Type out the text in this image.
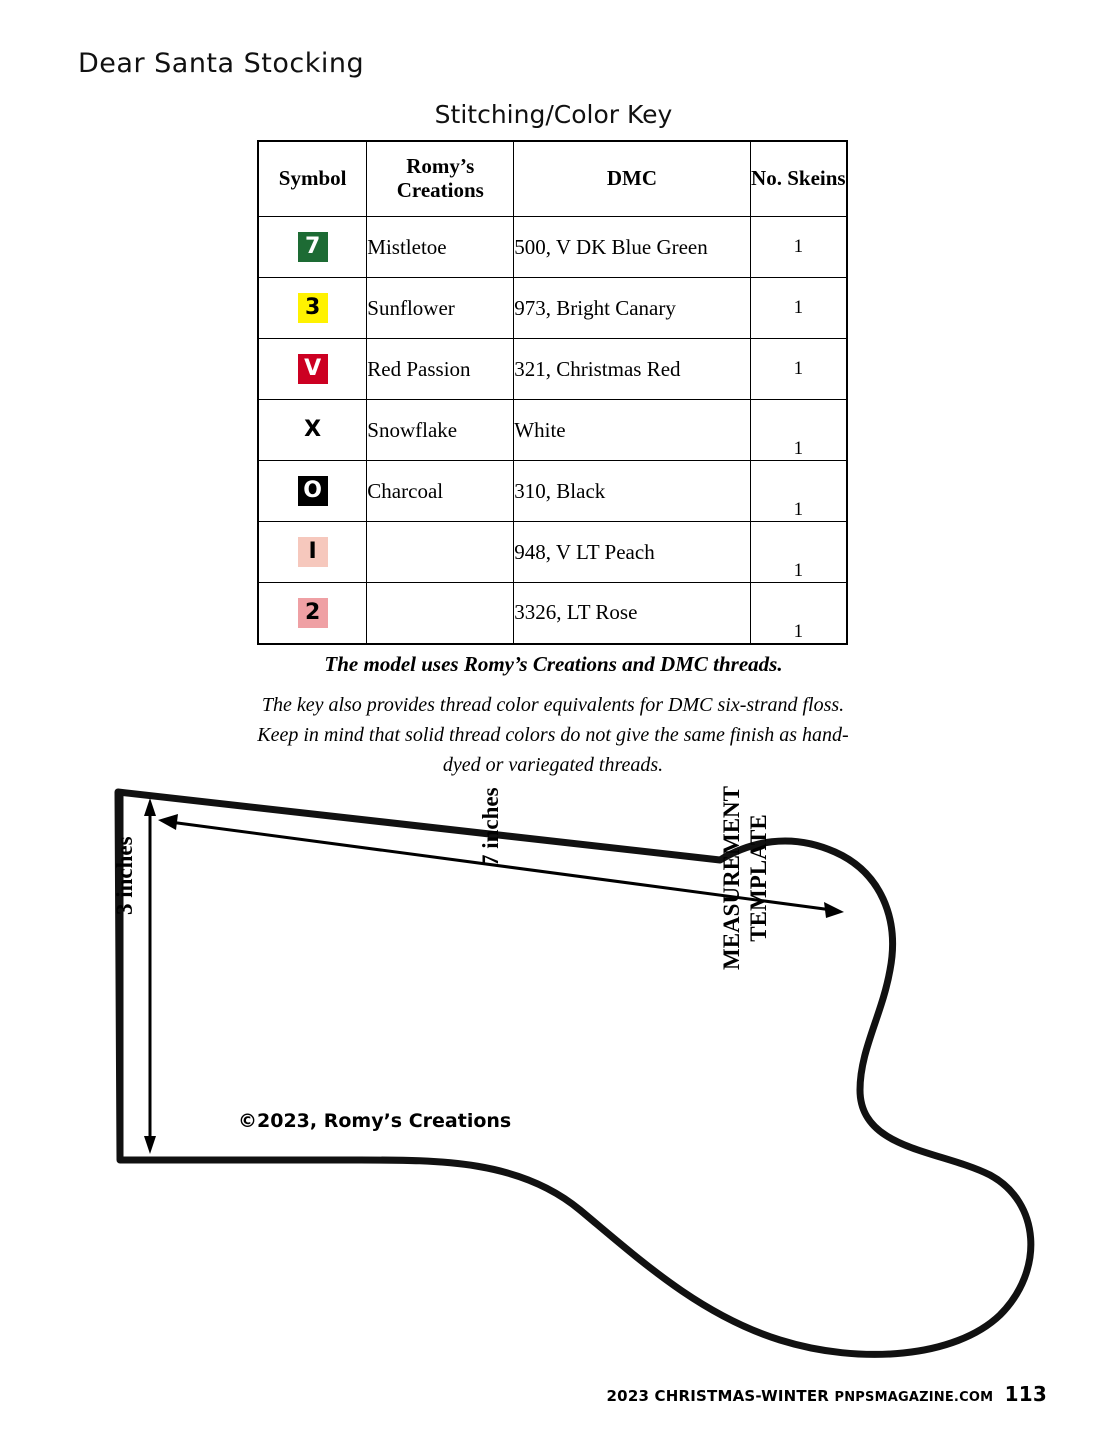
Dear Santa Stocking
Stitching/Color Key
Symbol	Romy’s Creations	DMC	No. Skeins
7	Mistletoe	500, V DK Blue Green	1
3	Sunflower	973, Bright Canary	1
V	Red Passion	321, Christmas Red	1
X	Snowflake	White	1
O	Charcoal	310, Black	1
I		948, V LT Peach	1
2		3326, LT Rose	1
The model uses Romy’s Creations and DMC threads.
The key also provides thread color equivalents for DMC six-strand floss. Keep in mind that solid thread colors do not give the same finish as hand-dyed or variegated threads.
©2023, Romy’s Creations
3 inches
7 inches	MEASUREMENT
TEMPLATE
2023 CHRISTMAS-WINTER PNPSMAGAZINE.COM 113
